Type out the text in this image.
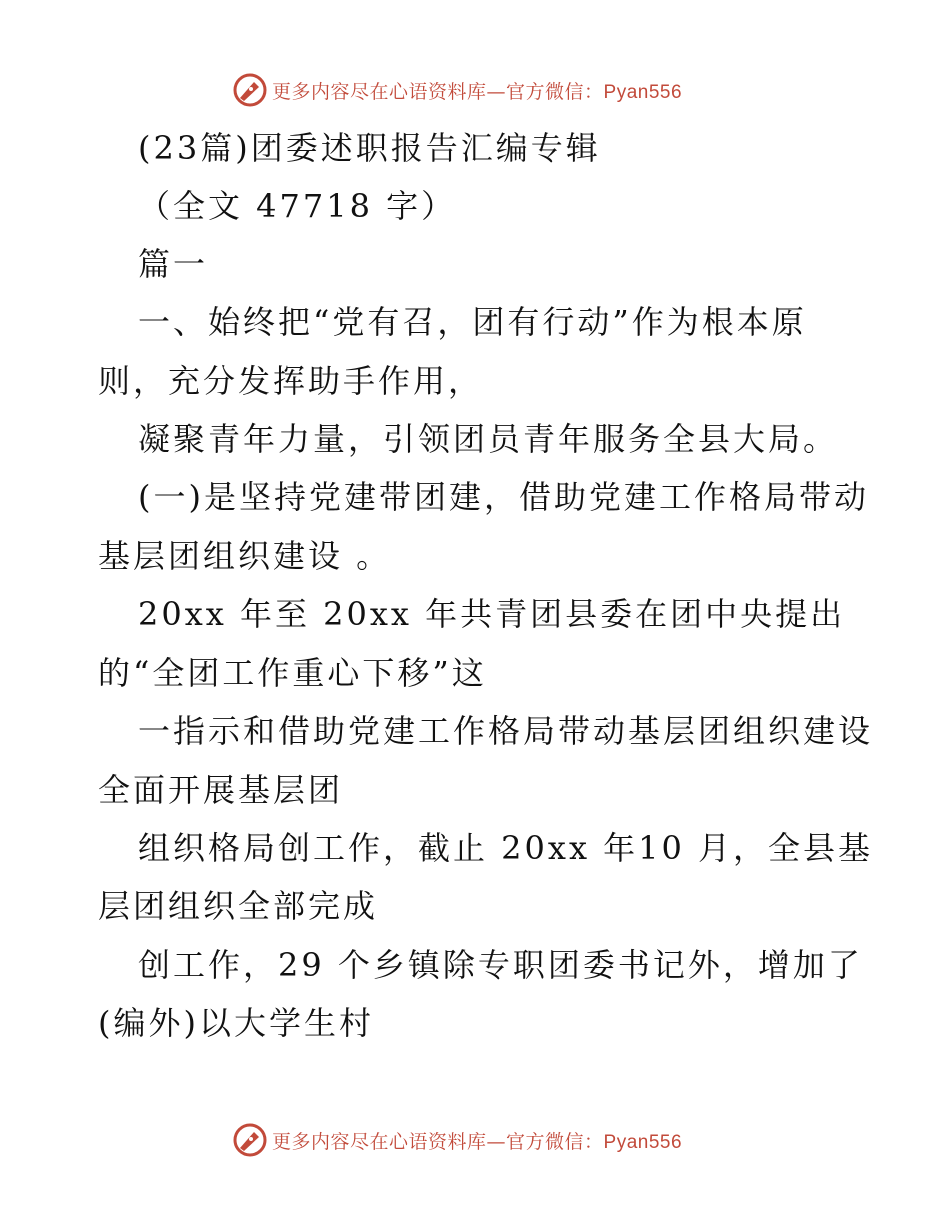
更多内容尽在心语资料库—官方微信：Pyan556
(23篇)团委述职报告汇编专辑
（全文 47718 字）
篇一
一、始终把“党有召，团有行动”作为根本原
则，充分发挥助手作用，
凝聚青年力量，引领团员青年服务全县大局。
(一)是坚持党建带团建，借助党建工作格局带动
基层团组织建设 。
20xx 年至 20xx 年共青团县委在团中央提出
的“全团工作重心下移”这
一指示和借助党建工作格局带动基层团组织建设
全面开展基层团
组织格局创工作，截止 20xx 年10 月，全县基
层团组织全部完成
创工作，29 个乡镇除专职团委书记外，增加了
(编外)以大学生村
更多内容尽在心语资料库—官方微信：Pyan556
